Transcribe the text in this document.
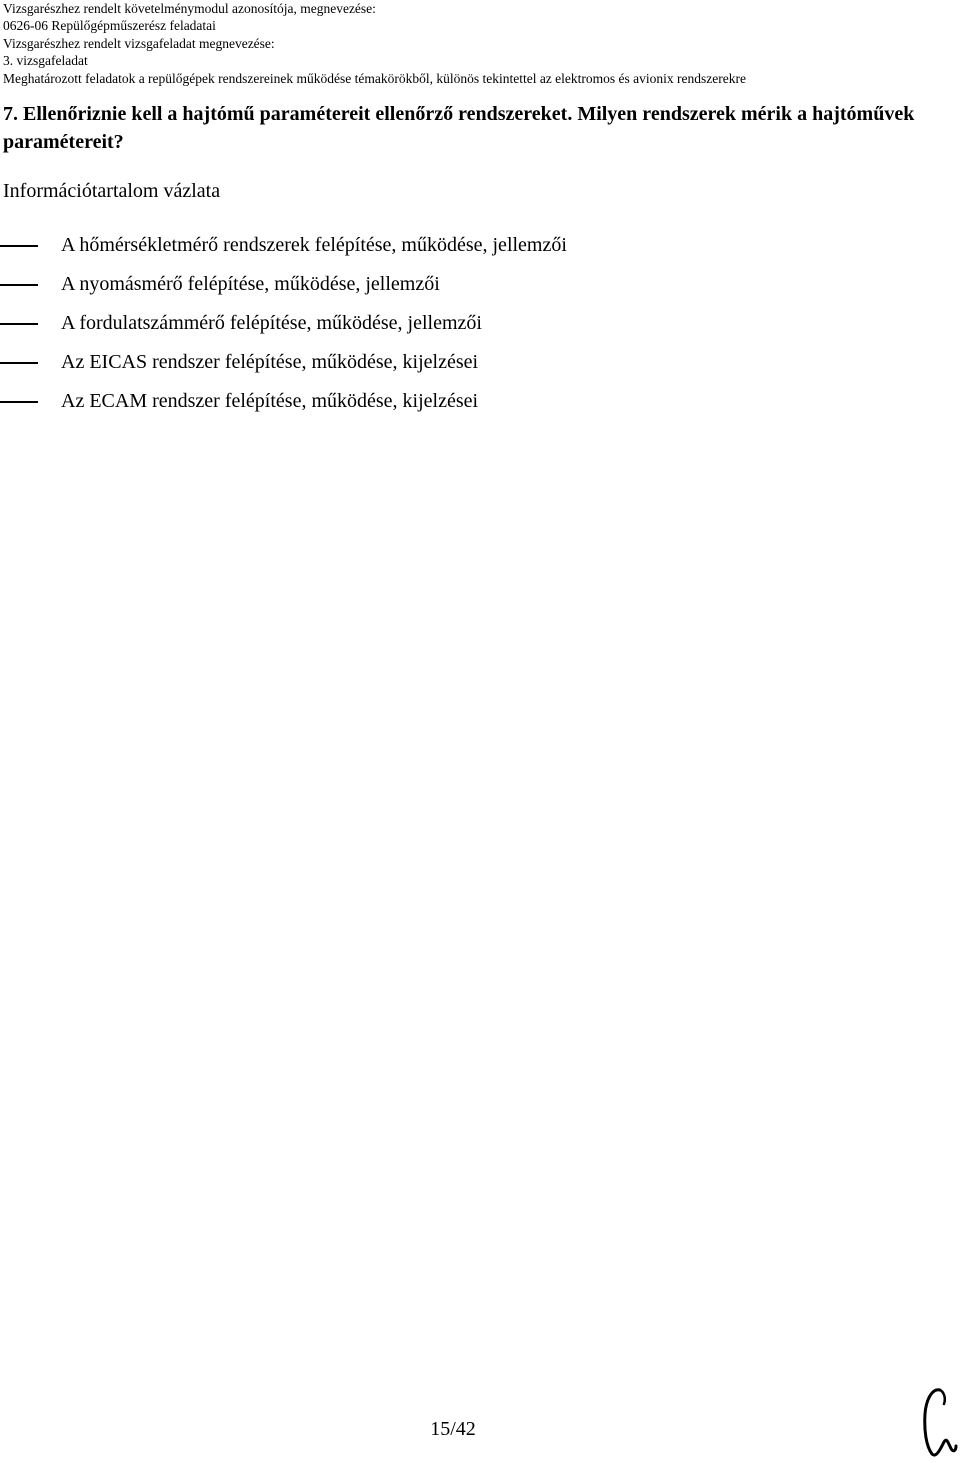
Vizsgarészhez rendelt követelménymodul azonosítója, megnevezése:
0626-06 Repülőgépműszerész feladatai
Vizsgarészhez rendelt vizsgafeladat megnevezése:
3. vizsgafeladat
Meghatározott feladatok a repülőgépek rendszereinek működése témakörökből, különös tekintettel az elektromos és avionix rendszerekre
7. Ellenőriznie kell a hajtómű paramétereit ellenőrző rendszereket. Milyen rendszerek mérik a hajtóművek paramétereit?
Információtartalom vázlata
A hőmérsékletmérő rendszerek felépítése, működése, jellemzői
A nyomásmérő felépítése, működése, jellemzői
A fordulatszámmérő felépítése, működése, jellemzői
Az EICAS rendszer felépítése, működése, kijelzései
Az ECAM rendszer felépítése, működése, kijelzései
15/42
